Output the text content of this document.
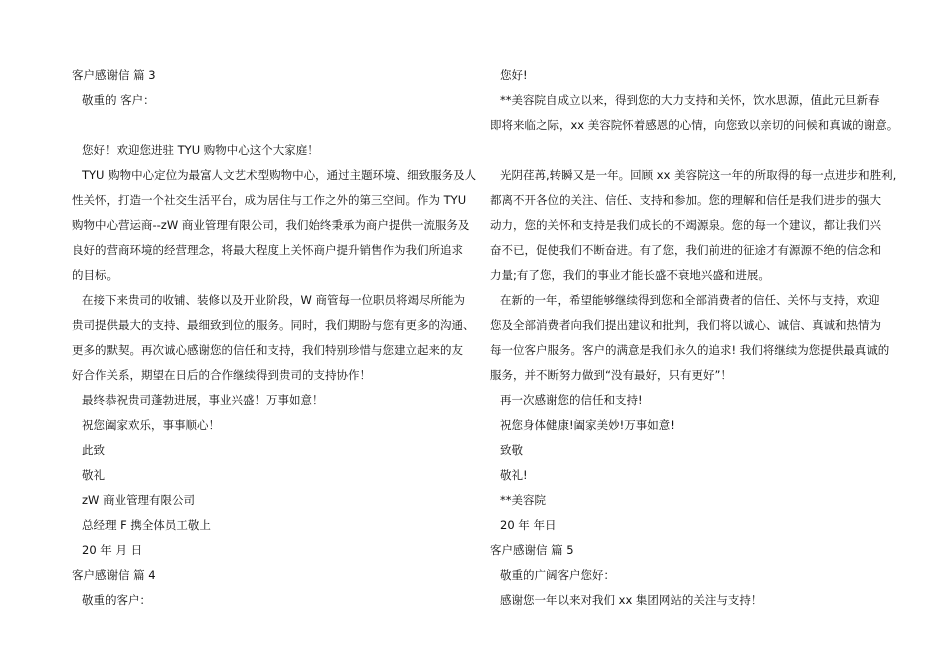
客户感谢信 篇 3
敬重的 客户：
您好！欢迎您进驻 TYU 购物中心这个大家庭！
TYU 购物中心定位为最富人文艺术型购物中心，通过主题环境、细致服务及人
性关怀，打造一个社交生活平台，成为居住与工作之外的第三空间。作为 TYU
购物中心营运商--zW 商业管理有限公司，我们始终秉承为商户提供一流服务及
良好的营商环境的经营理念，将最大程度上关怀商户提升销售作为我们所追求
的目标。
在接下来贵司的收铺、装修以及开业阶段，W 商管每一位职员将竭尽所能为
贵司提供最大的支持、最细致到位的服务。同时，我们期盼与您有更多的沟通、
更多的默契。再次诚心感谢您的信任和支持，我们特别珍惜与您建立起来的友
好合作关系，期望在日后的合作继续得到贵司的支持协作！
最终恭祝贵司蓬勃进展，事业兴盛！万事如意！
祝您阖家欢乐，事事顺心！
此致
敬礼
zW 商业管理有限公司
总经理 F 携全体员工敬上
20 年 月 日
客户感谢信 篇 4
敬重的客户：
您好!
**美容院自成立以来，得到您的大力支持和关怀，饮水思源，值此元旦新春
即将来临之际，xx 美容院怀着感恩的心情，向您致以亲切的问候和真诚的谢意。
光阴荏苒,转瞬又是一年。回顾 xx 美容院这一年的所取得的每一点进步和胜利,
都离不开各位的关注、信任、支持和参加。您的理解和信任是我们进步的强大
动力，您的关怀和支持是我们成长的不竭源泉。您的每一个建议，都让我们兴
奋不已，促使我们不断奋进。有了您，我们前进的征途才有源源不绝的信念和
力量;有了您，我们的事业才能长盛不衰地兴盛和进展。
在新的一年，希望能够继续得到您和全部消费者的信任、关怀与支持，欢迎
您及全部消费者向我们提出建议和批判，我们将以诚心、诚信、真诚和热情为
每一位客户服务。客户的满意是我们永久的追求! 我们将继续为您提供最真诚的
服务，并不断努力做到“没有最好，只有更好”！
再一次感谢您的信任和支持!
祝您身体健康!阖家美妙!万事如意!
致敬
敬礼!
**美容院
20 年 年日
客户感谢信 篇 5
敬重的广阔客户您好：
感谢您一年以来对我们 xx 集团网站的关注与支持！
